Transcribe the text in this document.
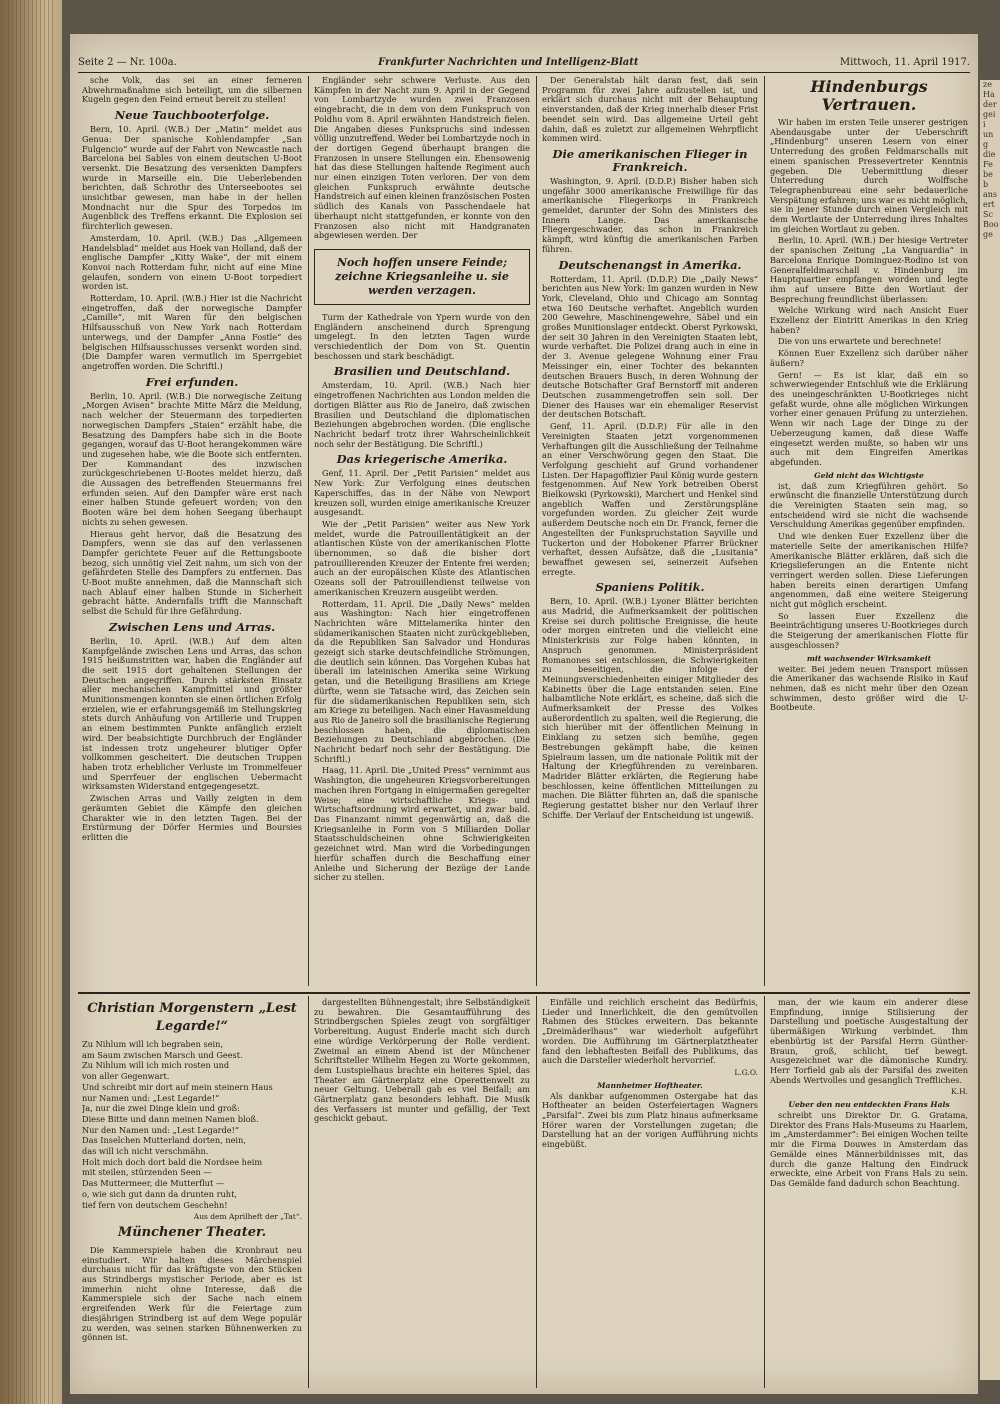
Seite 2 — Nr. 100a.	Frankfurter Nachrichten und Intelligenz-Blatt	Mittwoch, 11. April 1917.

sche Volk, das sei an einer ferneren Abwehrmaßnahme sich beteiligt, um die silbernen Kugeln gegen den Feind erneut bereit zu stellen!

Neue Tauchbooterfolge.

Bern, 10. April. (W.B.) Der „Matin“ meldet aus Genua: Der spanische Kohlendampfer „San Fulgencio“ wurde auf der Fahrt von Newcastle nach Barcelona bei Sables von einem deutschen U-Boot versenkt. Die Besatzung des versenkten Dampfers wurde in Marseille ein. Die Ueberlebenden berichten, daß Schrothr des Unterseebootes sei unsichtbar gewesen, man habe in der hellen Mondnacht nur die Spur des Torpedos im Augenblick des Treffens erkannt. Die Explosion sei fürchterlich gewesen.

Amsterdam, 10. April. (W.B.) Das „Allgemeen Handelsblad“ meldet aus Hoek van Holland, daß der englische Dampfer „Kitty Wake“, der mit einem Konvoi nach Rotterdam fuhr, nicht auf eine Mine gelaufen, sondern von einem U-Boot torpediert worden ist.

Rotterdam, 10. April. (W.B.) Hier ist die Nachricht eingetroffen, daß der norwegische Dampfer „Camille“, mit Waren für den belgischen Hilfsausschuß von New York nach Rotterdam unterwegs, und der Dampfer „Anna Fostle“ des belgischen Hilfsausschusses versenkt worden sind. (Die Dampfer waren vermutlich im Sperrgebiet angetroffen worden. Die Schriftl.)

Frei erfunden.

Berlin, 10. April. (W.B.) Die norwegische Zeitung „Morgen Avisen“ brachte Mitte März die Meldung, nach welcher der Steuermann des torpedierten norwegischen Dampfers „Staien“ erzählt habe, die Besatzung des Dampfers habe sich in die Boote gegangen, worauf das U-Boot herangekommen wäre und zugesehen habe, wie die Boote sich entfernten. Der Kommandant des inzwischen zurückgeschriebenen U-Bootes meldet hierzu, daß die Aussagen des betreffenden Steuermanns frei erfunden seien. Auf den Dampfer wäre erst nach einer halben Stunde gefeuert worden; von den Booten wäre bei dem hohen Seegang überhaupt nichts zu sehen gewesen.

Hieraus geht hervor, daß die Besatzung des Dampfers, wenn sie das auf den verlassenen Dampfer gerichtete Feuer auf die Rettungsboote bezog, sich unnötig viel Zeit nahm, um sich von der gefährdeten Stelle des Dampfers zu entfernen. Das U-Boot mußte annehmen, daß die Mannschaft sich nach Ablauf einer halben Stunde in Sicherheit gebracht hätte. Andernfalls trifft die Mannschaft selbst die Schuld für ihre Gefährdung.

Zwischen Lens und Arras.

Berlin, 10. April. (W.B.) Auf dem alten Kampfgelände zwischen Lens und Arras, das schon 1915 heißumstritten war, haben die Engländer auf die seit 1915 dort gehaltenen Stellungen der Deutschen angegriffen. Durch stärksten Einsatz aller mechanischen Kampfmittel und größter Munitionsmengen konnten sie einen örtlichen Erfolg erzielen, wie er erfahrungsgemäß im Stellungskrieg stets durch Anhäufung von Artillerie und Truppen an einem bestimmten Punkte anfänglich erzielt wird. Der beabsichtigte Durchbruch der Engländer ist indessen trotz ungeheurer blutiger Opfer vollkommen gescheitert. Die deutschen Truppen haben trotz erheblicher Verluste im Trommelfeuer und Sperrfeuer der englischen Uebermacht wirksamsten Widerstand entgegengesetzt.

Zwischen Arras und Vailly zeigten in dem geräumten Gebiet die Kämpfe den gleichen Charakter wie in den letzten Tagen. Bei der Erstürmung der Dörfer Hermies und Boursies erlitten die

Engländer sehr schwere Verluste. Aus den Kämpfen in der Nacht zum 9. April in der Gegend von Lombartzyde wurden zwei Franzosen eingebracht, die in dem von dem Funkspruch von Poldhu vom 8. April erwähnten Handstreich fielen. Die Angaben dieses Funkspruchs sind indessen völlig unzutreffend. Weder bei Lombartzyde noch in der dortigen Gegend überhaupt brangen die Franzosen in unsere Stellungen ein. Ebensowenig hat das diese Stellungen haltende Regiment auch nur einen einzigen Toten verloren. Der von dem gleichen Funkspruch erwähnte deutsche Handstreich auf einen kleinen französischen Posten südlich des Kanals von Passchendaele hat überhaupt nicht stattgefunden, er konnte von den Franzosen also nicht mit Handgranaten abgewiesen werden. Der

Noch hoffen unsere Feinde; zeichne Kriegsanleihe u. sie werden verzagen.

Turm der Kathedrale von Ypern wurde von den Engländern anscheinend durch Sprengung umgelegt. In den letzten Tagen wurde verschiedentlich der Dom von St. Quentin beschossen und stark beschädigt.

Brasilien und Deutschland.

Amsterdam, 10. April. (W.B.) Nach hier eingetroffenen Nachrichten aus London melden die dortigen Blätter aus Rio de Janeiro, daß zwischen Brasilien und Deutschland die diplomatischen Beziehungen abgebrochen worden. (Die englische Nachricht bedarf trotz ihrer Wahrscheinlichkeit noch sehr der Bestätigung. Die Schriftl.)

Das kriegerische Amerika.

Genf, 11. April. Der „Petit Parisien“ meldet aus New York: Zur Verfolgung eines deutschen Kaperschiffes, das in der Nähe von Newport kreuzen soll, wurden einige amerikanische Kreuzer ausgesandt.

Wie der „Petit Parisien“ weiter aus New York meldet, wurde die Patrouillentätigkeit an der atlantischen Küste von der amerikanischen Flotte übernommen, so daß die bisher dort patrouillierenden Kreuzer der Entente frei werden; auch an der europäischen Küste des Atlantischen Ozeans soll der Patrouillendienst teilweise von amerikanischen Kreuzern ausgeübt werden.

Rotterdam, 11. April. Die „Daily News“ melden aus Washington: Nach hier eingetroffenen Nachrichten wäre Mittelamerika hinter den südamerikanischen Staaten nicht zurückgeblieben, da die Republiken San Salvador und Honduras gezeigt sich starke deutschfeindliche Strömungen, die deutlich sein können. Das Vorgehen Kubas hat überall im lateinischen Amerika seine Wirkung getan, und die Beteiligung Brasiliens am Kriege dürfte, wenn sie Tatsache wird, das Zeichen sein für die südamerikanischen Republiken sein, sich am Kriege zu beteiligen. Nach einer Havasmeldung aus Rio de Janeiro soll die brasilianische Regierung beschlossen haben, die diplomatischen Beziehungen zu Deutschland abgebrochen. (Die Nachricht bedarf noch sehr der Bestätigung. Die Schriftl.)

Haag, 11. April. Die „United Press“ vernimmt aus Washington, die ungeheuren Kriegsvorbereitungen machen ihren Fortgang in einigermaßen geregelter Weise; eine wirtschaftliche Kriegs- und Wirtschaftsordnung wird erwartet, und zwar bald. Das Finanzamt nimmt gegenwärtig an, daß die Kriegsanleihe in Form von 5 Milliarden Dollar Staatsschuldscheinen ohne Schwierigkeiten gezeichnet wird. Man wird die Vorbedingungen hierfür schaffen durch die Beschaffung einer Anleihe und Sicherung der Bezüge der Lande sicher zu stellen.

Der Generalstab hält daran fest, daß sein Programm für zwei Jahre aufzustellen ist, und erklärt sich durchaus nicht mit der Behauptung einverstanden, daß der Krieg innerhalb dieser Frist beendet sein wird. Das allgemeine Urteil geht dahin, daß es zuletzt zur allgemeinen Wehrpflicht kommen wird.

Die amerikanischen Flieger in Frankreich.

Washington, 9. April. (D.D.P.) Bisher haben sich ungefähr 3000 amerikanische Freiwillige für das amerikanische Fliegerkorps in Frankreich gemeldet, darunter der Sohn des Ministers des Innern Lange. Das amerikanische Fliegergeschwader, das schon in Frankreich kämpft, wird künftig die amerikanischen Farben führen.

Deutschenangst in Amerika.

Rotterdam, 11. April. (D.D.P.) Die „Daily News“ berichten aus New York: Im ganzen wurden in New York, Cleveland, Ohio und Chicago am Sonntag etwa 160 Deutsche verhaftet. Angeblich wurden 200 Gewehre, Maschinengewehre, Säbel und ein großes Munitionslager entdeckt. Oberst Pyrkowski, der seit 30 Jahren in den Vereinigten Staaten lebt, wurde verhaftet. Die Polizei drang auch in eine in der 3. Avenue gelegene Wohnung einer Frau Meissinger ein, einer Tochter des bekannten deutschen Brauers Busch, in deren Wohnung der deutsche Botschafter Graf Bernstorff mit anderen Deutschen zusammengetroffen sein soll. Der Diener des Hauses war ein ehemaliger Reservist der deutschen Botschaft.

Genf, 11. April. (D.D.P.) Für alle in den Vereinigten Staaten jetzt vorgenommenen Verhaftungen gilt die Ausschließung der Teilnahme an einer Verschwörung gegen den Staat. Die Verfolgung geschieht auf Grund vorhandener Listen. Der Hapagoffizier Paul König wurde gestern festgenommen. Auf New York betreiben Oberst Bielkowski (Pyrkowski), Marchert und Henkel sind angeblich Waffen und Zerstörungspläne vorgefunden worden. Zu gleicher Zeit wurde außerdem Deutsche noch ein Dr. Franck, ferner die Angestellten der Funkspruchstation Sayville und Tuckerton und der Hobokener Pfarrer Brückner verhaftet, dessen Aufsätze, daß die „Lusitania“ bewaffnet gewesen sei, seinerzeit Aufsehen erregte.

Spaniens Politik.

Bern, 10. April. (W.B.) Lyoner Blätter berichten aus Madrid, die Aufmerksamkeit der politischen Kreise sei durch politische Ereignisse, die heute oder morgen eintreten und die vielleicht eine Ministerkrisis zur Folge haben könnten, in Anspruch genommen. Ministerpräsident Romanones sei entschlossen, die Schwierigkeiten zu beseitigen, die infolge der Meinungsverschiedenheiten einiger Mitglieder des Kabinetts über die Lage entstanden seien. Eine halbamtliche Note erklärt, es scheine, daß sich die Aufmerksamkeit der Presse des Volkes außerordentlich zu spalten, weil die Regierung, die sich hierüber mit der öffentlichen Meinung in Einklang zu setzen sich bemühe, gegen Bestrebungen gekämpft habe, die keinen Spielraum lassen, um die nationale Politik mit der Haltung der Kriegführenden zu vereinbaren. Madrider Blätter erklärten, die Regierung habe beschlossen, keine öffentlichen Mitteilungen zu machen. Die Blätter führten an, daß die spanische Regierung gestattet bisher nur den Verlauf ihrer Schiffe. Der Verlauf der Entscheidung ist ungewiß.

Hindenburgs Vertrauen.

Wir haben im ersten Teile unserer gestrigen Abendausgabe unter der Ueberschrift „Hindenburg“ unseren Lesern von einer Unterredung des großen Feldmarschalls mit einem spanischen Pressevertreter Kenntnis gegeben. Die Uebermittlung dieser Unterredung durch Wolffsche Telegraphenbureau eine sehr bedauerliche Verspätung erfahren; uns war es nicht möglich, sie in jener Stunde durch einen Vergleich mit dem Wortlaute der Unterredung ihres Inhaltes im gleichen Wortlaut zu geben.

Berlin, 10. April. (W.B.) Der hiesige Vertreter der spanischen Zeitung „La Vanguardia“ in Barcelona Enrique Dominguez-Rodino ist von Generalfeldmarschall v. Hindenburg im Hauptquartier empfangen worden und legte ihm auf unsere Bitte den Wortlaut der Besprechung freundlichst überlassen:

Welche Wirkung wird nach Ansicht Euer Exzellenz der Eintritt Amerikas in den Krieg haben?

Die von uns erwartete und berechnete!

Können Euer Exzellenz sich darüber näher äußern?

Gern! — Es ist klar, daß ein so schwerwiegender Entschluß wie die Erklärung des uneingeschränkten U-Bootkrieges nicht gefaßt wurde, ohne alle möglichen Wirkungen vorher einer genauen Prüfung zu unterziehen. Wenn wir nach Lage der Dinge zu der Ueberzeugung kamen, daß diese Waffe eingesetzt werden mußte, so haben wir uns auch mit dem Eingreifen Amerikas abgefunden.

Geld nicht das Wichtigste

ist, daß zum Kriegführen gehört. So erwünscht die finanzielle Unterstützung durch die Vereinigten Staaten sein mag, so entscheidend wird sie nicht die wachsende Verschuldung Amerikas gegenüber empfinden.

Und wie denken Euer Exzellenz über die materielle Seite der amerikanischen Hilfe? Amerikanische Blätter erklären, daß sich die Kriegslieferungen an die Entente nicht verringert werden sollen. Diese Lieferungen haben bereits einen derartigen Umfang angenommen, daß eine weitere Steigerung nicht gut möglich erscheint.

So lassen Euer Exzellenz die Beeinträchtigung unseres U-Bootkrieges durch die Steigerung der amerikanischen Flotte für ausgeschlossen?

mit wachsender Wirksamkeit

weiter. Bei jedem neuen Transport müssen die Amerikaner das wachsende Risiko in Kauf nehmen, daß es nicht mehr über den Ozean schwimmen, desto größer wird die U-Bootbeute.

Christian Morgenstern „Lest Legarde!“

Zu Nihlum will ich begraben sein,

am Saum zwischen Marsch und Geest.

Zu Nihlum will ich mich rosten und

von aller Gegenwart.

Und schreibt mir dort auf mein steinern Haus

nur Namen und: „Lest Legarde!“

Ja, nur die zwei Dinge klein und groß:

Diese Bitte und dann meinen Namen bloß.

Nur den Namen und: „Lest Legarde!“

Das Inselchen Mutterland dorten, nein,

das will ich nicht verschmähn.

Holt mich doch dort bald die Nordsee heim

mit steilen, stürzenden Seen —

Das Muttermeer, die Mutterflut —

o, wie sich gut dann da drunten ruht,

tief fern von deutschem Geschehn!

Aus dem Aprilheft der „Tat“.
Münchener Theater.

Die Kammerspiele haben die Kronbraut neu einstudiert. Wir halten dieses Märchenspiel durchaus nicht für das kräftigste von den Stücken aus Strindbergs mystischer Periode, aber es ist immerhin nicht ohne Interesse, daß die Kammerspiele sich der Sache nach einem ergreifenden Werk für die Feiertage zum diesjährigen Strindberg ist auf dem Wege populär zu werden, was seinen starken Bühnenwerken zu gönnen ist.

dargestellten Bühnengestalt; ihre Selbständigkeit zu bewahren. Die Gesamtaufführung des Strindbergschen Spieles zeugt von sorgfältiger Vorbereitung. August Enderle macht sich durch eine würdige Verkörperung der Rolle verdient. Zweimal an einem Abend ist der Münchener Schriftsteller Wilhelm Hegen zu Worte gekommen, dem Lustspielhaus brachte ein heiteres Spiel, das Theater am Gärtnerplatz eine Operettenwelt zu neuer Geltung. Ueberall gab es viel Beifall; am Gärtnerplatz ganz besonders lebhaft. Die Musik des Verfassers ist munter und gefällig, der Text geschickt gebaut.

Einfälle und reichlich erscheint das Bedürfnis, Lieder und Innerlichkeit, die den gemütvollen Rahmen des Stückes erweitern. Das bekannte „Dreimäderlhaus“ war wiederholt aufgeführt worden. Die Aufführung im Gärtnerplatztheater fand den lebhaftesten Beifall des Publikums, das auch die Darsteller wiederholt hervorrief.

L.G.O.
Mannheimer Hoftheater.

Als dankbar aufgenommen Ostergabe hat das Hoftheater an beiden Osterfeiertagen Wagners „Parsifal“. Zwei bis zum Platz hinaus aufmerksame Hörer waren der Vorstellungen zugetan; die Darstellung hat an der vorigen Aufführung nichts eingebüßt.

man, der wie kaum ein anderer diese Empfindung, innige Stilisierung der Darstellung und poetische Ausgestaltung der übermäßigen Wirkung verbindet. Ihm ebenbürtig ist der Parsifal Herrn Günther-Braun, groß, schlicht, tief bewegt. Ausgezeichnet war die dämonische Kundry. Herr Torfield gab als der Parsifal des zweiten Abends Wertvolles und gesanglich Treffliches.

K.H.
Ueber den neu entdeckten Frans Hals

schreibt uns Direktor Dr. G. Gratama, Direktor des Frans Hals-Museums zu Haarlem, im „Amsterdammer“: Bei einigen Wochen teilte mir die Firma Douwes in Amsterdam das Gemälde eines Männerbildnisses mit, das durch die ganze Haltung den Eindruck erweckte, eine Arbeit von Frans Hals zu sein. Das Gemälde fand dadurch schon Beachtung.

ze
Ha
der
gei
i
un
g
die
Fe
be
b
ans
ert
Sc
Boo
ge
